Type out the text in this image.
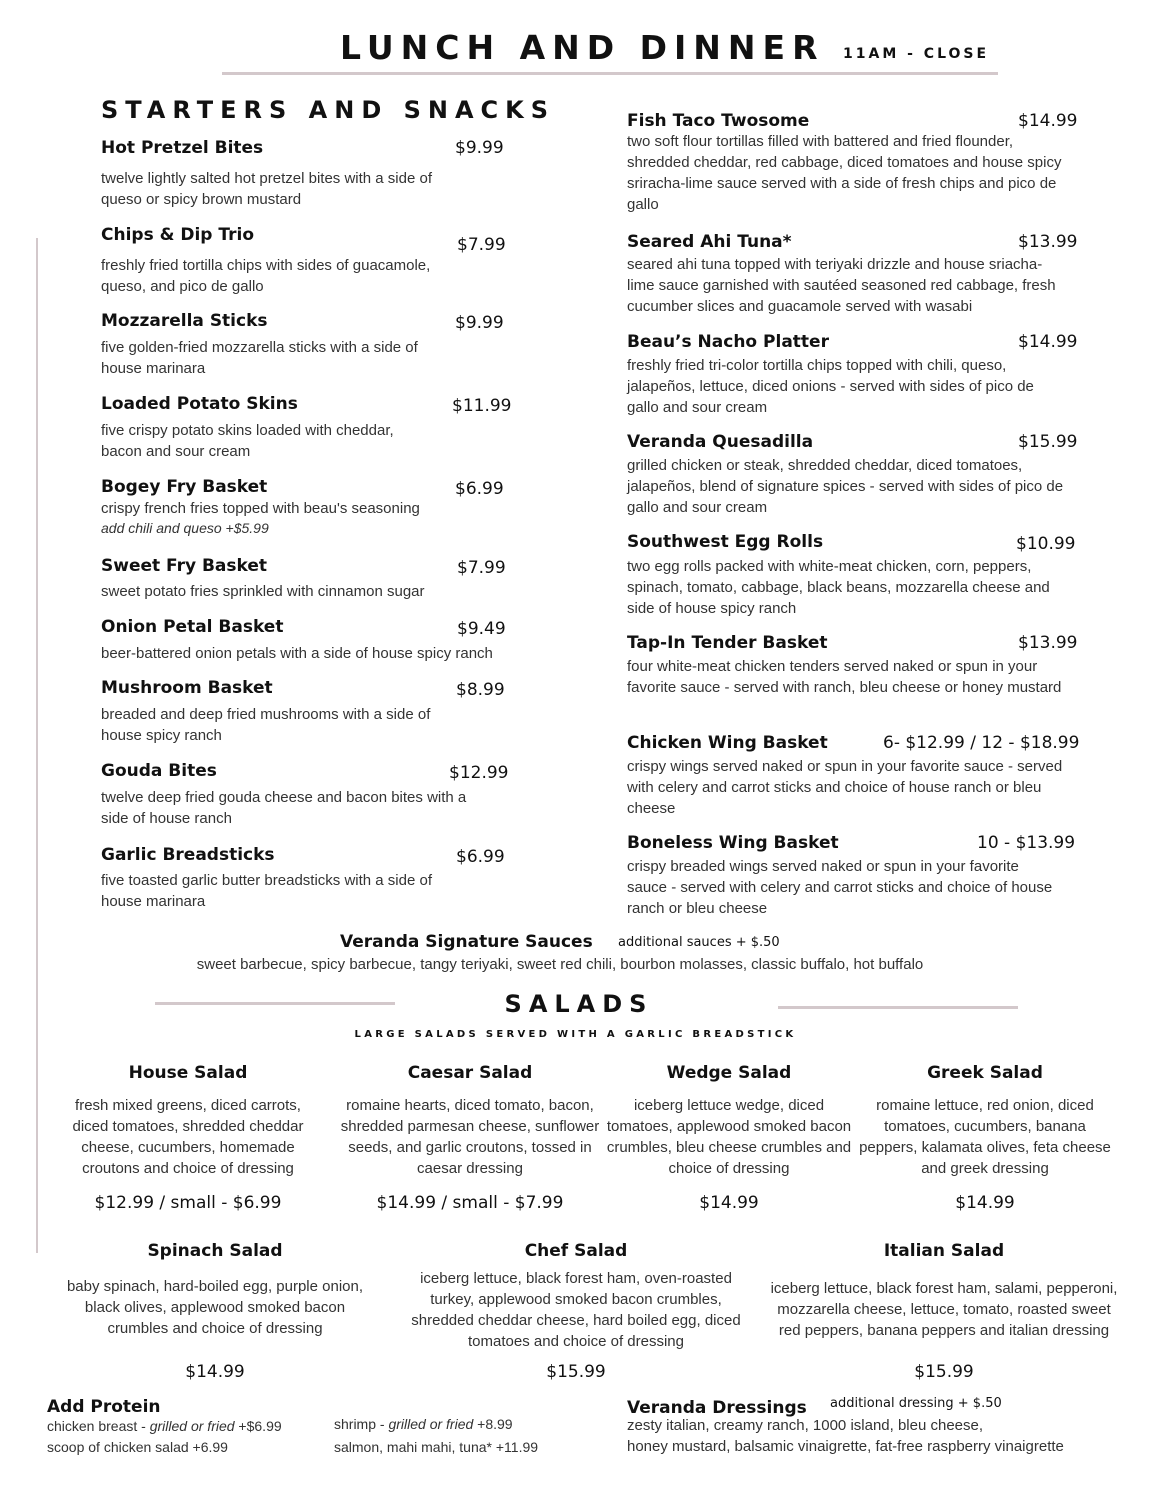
LUNCH AND DINNER 11AM - CLOSE
STARTERS AND SNACKS
Hot Pretzel Bites	$9.99
twelve lightly salted hot pretzel bites with a side of queso or spicy brown mustard
Chips & Dip Trio	$7.99
freshly fried tortilla chips with sides of guacamole, queso, and pico de gallo
Mozzarella Sticks	$9.99
five golden-fried mozzarella sticks with a side of house marinara
Loaded Potato Skins	$11.99
five crispy potato skins loaded with cheddar, bacon and sour cream
Bogey Fry Basket	$6.99
crispy french fries topped with beau's seasoning
add chili and queso +$5.99
Sweet Fry Basket	$7.99
sweet potato fries sprinkled with cinnamon sugar
Onion Petal Basket	$9.49
beer-battered onion petals with a side of house spicy ranch
Mushroom Basket	$8.99
breaded and deep fried mushrooms with a side of house spicy ranch
Gouda Bites	$12.99
twelve deep fried gouda cheese and bacon bites with a side of house ranch
Garlic Breadsticks	$6.99
five toasted garlic butter breadsticks with a side of house marinara
Fish Taco Twosome	$14.99
two soft flour tortillas filled with battered and fried flounder, shredded cheddar, red cabbage, diced tomatoes and house spicy sriracha-lime sauce served with a side of fresh chips and pico de gallo
Seared Ahi Tuna*	$13.99
seared ahi tuna topped with teriyaki drizzle and house sriacha-lime sauce garnished with sautéed seasoned red cabbage, fresh cucumber slices and guacamole served with wasabi
Beau’s Nacho Platter	$14.99
freshly fried tri-color tortilla chips topped with chili, queso, jalapeños, lettuce, diced onions - served with sides of pico de gallo and sour cream
Veranda Quesadilla	$15.99
grilled chicken or steak, shredded cheddar, diced tomatoes, jalapeños, blend of signature spices - served with sides of pico de gallo and sour cream
Southwest Egg Rolls	$10.99
two egg rolls packed with white-meat chicken, corn, peppers, spinach, tomato, cabbage, black beans, mozzarella cheese and side of house spicy ranch
Tap-In Tender Basket	$13.99
four white-meat chicken tenders served naked or spun in your favorite sauce - served with ranch, bleu cheese or honey mustard
Chicken Wing Basket	6- $12.99 / 12 - $18.99
crispy wings served naked or spun in your favorite sauce - served with celery and carrot sticks and choice of house ranch or bleu cheese
Boneless Wing Basket	10 - $13.99
crispy breaded wings served naked or spun in your favorite sauce - served with celery and carrot sticks and choice of house ranch or bleu cheese
Veranda Signature Sauces additional sauces + $.50
sweet barbecue, spicy barbecue, tangy teriyaki, sweet red chili, bourbon molasses, classic buffalo, hot buffalo
SALADS
LARGE SALADS SERVED WITH A GARLIC BREADSTICK
House Salad
fresh mixed greens, diced carrots, diced tomatoes, shredded cheddar cheese, cucumbers, homemade croutons and choice of dressing
$12.99 / small - $6.99
Caesar Salad
romaine hearts, diced tomato, bacon, shredded parmesan cheese, sunflower seeds, and garlic croutons, tossed in caesar dressing
$14.99 / small - $7.99
Wedge Salad
iceberg lettuce wedge, diced tomatoes, applewood smoked bacon crumbles, bleu cheese crumbles and choice of dressing
$14.99
Greek Salad
romaine lettuce, red onion, diced tomatoes, cucumbers, banana peppers, kalamata olives, feta cheese and greek dressing
$14.99
Spinach Salad
baby spinach, hard-boiled egg, purple onion, black olives, applewood smoked bacon crumbles and choice of dressing
$14.99
Chef Salad
iceberg lettuce, black forest ham, oven-roasted turkey, applewood smoked bacon crumbles, shredded cheddar cheese, hard boiled egg, diced tomatoes and choice of dressing
$15.99
Italian Salad
iceberg lettuce, black forest ham, salami, pepperoni, mozzarella cheese, lettuce, tomato, roasted sweet red peppers, banana peppers and italian dressing
$15.99
Add Protein
chicken breast - grilled or fried +$6.99
scoop of chicken salad +6.99
shrimp - grilled or fried +8.99
salmon, mahi mahi, tuna* +11.99
Veranda Dressings additional dressing + $.50
zesty italian, creamy ranch, 1000 island, bleu cheese,
honey mustard, balsamic vinaigrette, fat-free raspberry vinaigrette
